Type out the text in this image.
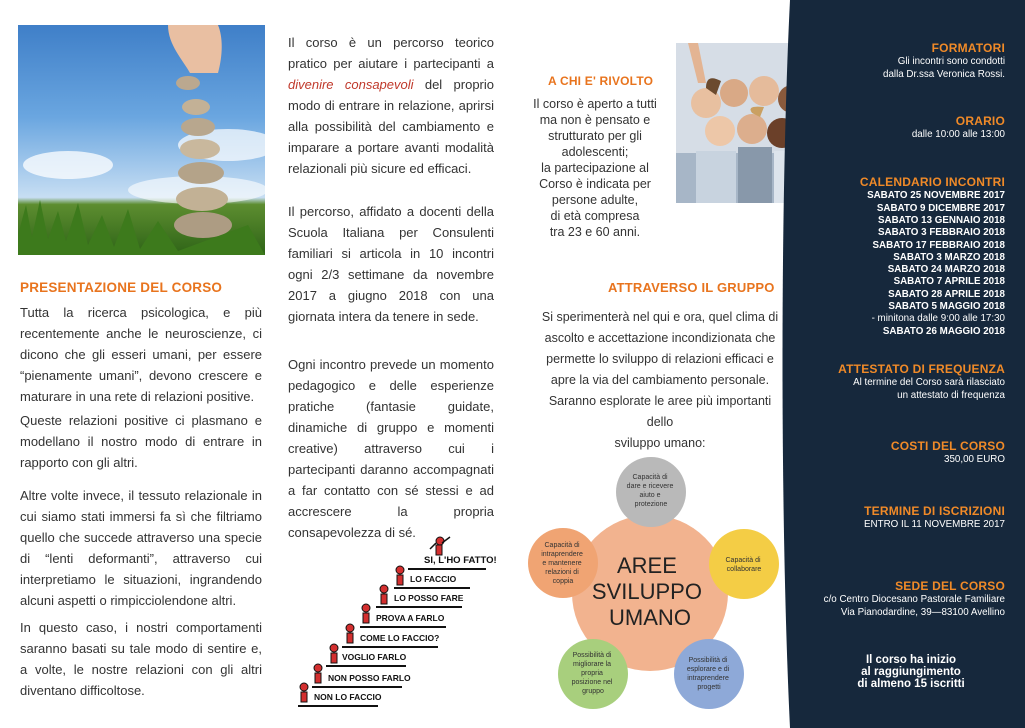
PRESENTAZIONE DEL CORSO

Tutta la ricerca psicologica, e più recentemente anche le neuroscienze, ci dicono che gli esseri umani, per essere “pienamente umani”, devono crescere e maturare in una rete di relazioni positive.

Queste relazioni positive ci plasmano e modellano il nostro modo di entrare in rapporto con gli altri.

Altre volte invece, il tessuto relazionale in cui siamo stati immersi fa sì che filtriamo quello che succede attraverso una specie di “lenti deformanti”, attraverso cui interpretiamo le situazioni, ingrandendo alcuni aspetti o rimpicciolendone altri.

In questo caso, i nostri comportamenti saranno basati su tale modo di sentire e, a volte, le nostre relazioni con gli altri diventano difficoltose.

Il corso è un percorso teorico pratico per aiutare i partecipanti a divenire consapevoli del proprio modo di entrare in relazione, aprirsi alla possibilità del cambiamento e imparare a portare avanti modalità relazionali più sicure ed efficaci.

Il percorso, affidato a docenti della Scuola Italiana per Consulenti familiari si articola in 10 incontri ogni 2/3 settimane da novembre 2017 a giugno 2018 con una giornata intera da tenere in sede.

Ogni incontro prevede un momento pedagogico e delle esperienze pratiche (fantasie guidate, dinamiche di gruppo e momenti creative) attraverso cui i partecipanti daranno accompagnati a far contatto con sé stessi e ad accrescere la propria consapevolezza di sé.

NON LO FACCIO
NON POSSO FARLO
VOGLIO FARLO
COME LO FACCIO?
PROVA A FARLO
LO POSSO FARE
LO FACCIO
SI, L'HO FATTO!
A CHI E' RIVOLTO
Il corso è aperto a tutti
ma non è pensato e
strutturato per gli
adolescenti;
la partecipazione al
Corso è indicata per
persone adulte,
di età compresa
tra 23 e 60 anni.
ATTRAVERSO IL GRUPPO
Si sperimenterà nel qui e ora, quel clima di
ascolto e accettazione incondizionata che
permette lo sviluppo di relazioni efficaci e
apre la via del cambiamento personale.
Saranno esplorate le aree più importanti dello
sviluppo umano:
AREE SVILUPPO UMANO
Capacità di dare e ricevere aiuto e protezione
Capacità di collaborare
Possibilità di esplorare e di intraprendere progetti
Possibilità di migliorare la propria posizione nel gruppo
Capacità di intraprendere e mantenere relazioni di coppia
FORMATORI
Gli incontri sono condotti
dalla Dr.ssa Veronica Rossi.
ORARIO
dalle 10:00 alle 13:00
CALENDARIO INCONTRI
SABATO 25 NOVEMBRE 2017
SABATO 9 DICEMBRE 2017
SABATO 13 GENNAIO 2018
SABATO 3 FEBBRAIO 2018
SABATO 17 FEBBRAIO 2018
SABATO 3 MARZO 2018
SABATO 24 MARZO 2018
SABATO 7 APRILE 2018
SABATO 28 APRILE 2018
SABATO 5 MAGGIO 2018
- minitona dalle 9:00 alle 17:30
SABATO 26 MAGGIO 2018
ATTESTATO DI FREQUENZA
Al termine del Corso sarà rilasciato
un attestato di frequenza
COSTI DEL CORSO
350,00 EURO
TERMINE DI ISCRIZIONI
ENTRO IL 11 NOVEMBRE 2017
SEDE DEL CORSO
c/o Centro Diocesano Pastorale Familiare
Via Pianodardine, 39—83100 Avellino
Il corso ha inizio
al raggiungimento
di almeno 15 iscritti
